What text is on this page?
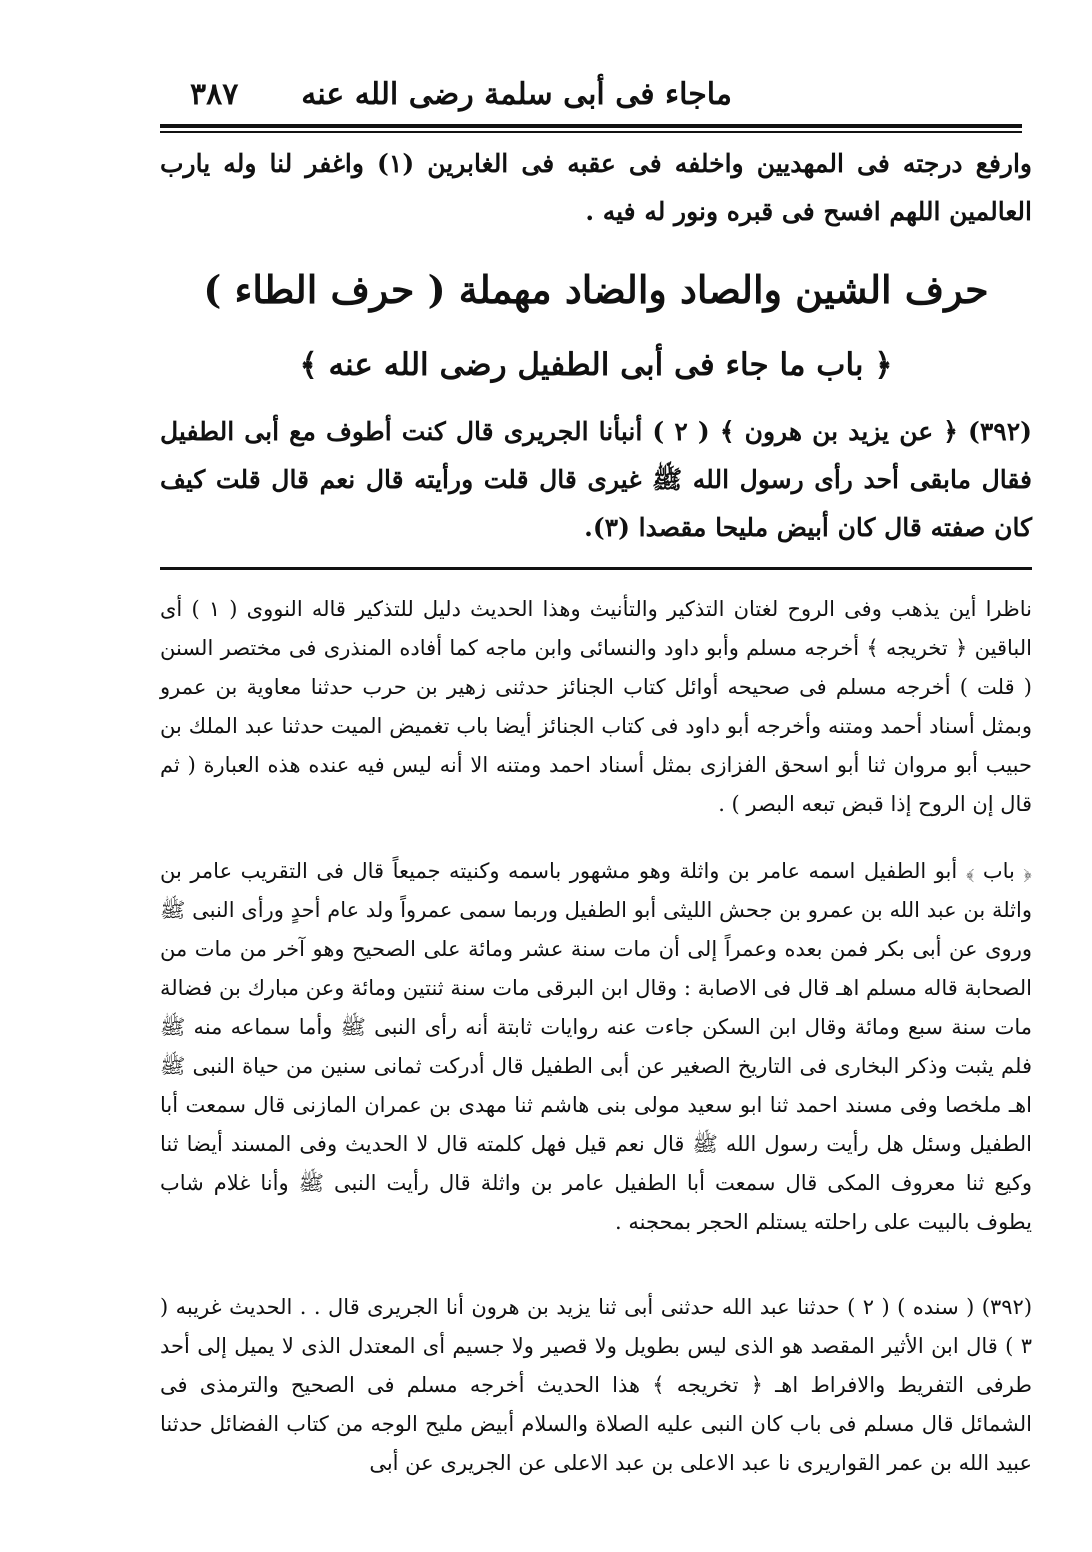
ماجاء فى أبى سلمة رضى الله عنه
٣٨٧

وارفع درجته فى المهديين واخلفه فى عقبه فى الغابرين (١) واغفر لنا وله يارب العالمين اللهم افسح فى قبره ونور له فيه .

حرف الشين والصاد والضاد مهملة ( حرف الطاء )
﴿ باب ما جاء فى أبى الطفيل رضى الله عنه ﴾

(٣٩٢) ﴿ عن يزيد بن هرون ﴾ ( ٢ ) أنبأنا الجريرى قال كنت أطوف مع أبى الطفيل فقال مابقى أحد رأى رسول الله ﷺ غيرى قال قلت ورأيته قال نعم قال قلت كيف كان صفته قال كان أبيض مليحا مقصدا (٣).

ناظرا أين يذهب وفى الروح لغتان التذكير والتأنيث وهذا الحديث دليل للتذكير قاله النووى ( ١ ) أى الباقين ﴿ تخريجه ﴾ أخرجه مسلم وأبو داود والنسائى وابن ماجه كما أفاده المنذرى فى مختصر السنن ( قلت ) أخرجه مسلم فى صحيحه أوائل كتاب الجنائز حدثنى زهير بن حرب حدثنا معاوية بن عمرو وبمثل أسناد أحمد ومتنه وأخرجه أبو داود فى كتاب الجنائز أيضا باب تغميض الميت حدثنا عبد الملك بن حبيب أبو مروان ثنا أبو اسحق الفزازى بمثل أسناد احمد ومتنه الا أنه ليس فيه عنده هذه العبارة ( ثم قال إن الروح إذا قبض تبعه البصر ) .

﴿ باب ﴾ أبو الطفيل اسمه عامر بن واثلة وهو مشهور باسمه وكنيته جميعاً قال فى التقريب عامر بن واثلة بن عبد الله بن عمرو بن جحش الليثى أبو الطفيل وربما سمى عمرواً ولد عام أحدٍ ورأى النبى ﷺ وروى عن أبى بكر فمن بعده وعمراً إلى أن مات سنة عشر ومائة على الصحيح وهو آخر من مات من الصحابة قاله مسلم اهـ قال فى الاصابة : وقال ابن البرقى مات سنة ثنتين ومائة وعن مبارك بن فضالة مات سنة سبع ومائة وقال ابن السكن جاءت عنه روايات ثابتة أنه رأى النبى ﷺ وأما سماعه منه ﷺ فلم يثبت وذكر البخارى فى التاريخ الصغير عن أبى الطفيل قال أدركت ثمانى سنين من حياة النبى ﷺ اهـ ملخصا وفى مسند احمد ثنا ابو سعيد مولى بنى هاشم ثنا مهدى بن عمران المازنى قال سمعت أبا الطفيل وسئل هل رأيت رسول الله ﷺ قال نعم قيل فهل كلمته قال لا الحديث وفى المسند أيضا ثنا وكيع ثنا معروف المكى قال سمعت أبا الطفيل عامر بن واثلة قال رأيت النبى ﷺ وأنا غلام شاب يطوف بالبيت على راحلته يستلم الحجر بمحجنه .

(٣٩٢) ( سنده ) ( ٢ ) حدثنا عبد الله حدثنى أبى ثنا يزيد بن هرون أنا الجريرى قال . . الحديث غريبه ( ٣ ) قال ابن الأثير المقصد هو الذى ليس بطويل ولا قصير ولا جسيم أى المعتدل الذى لا يميل إلى أحد طرفى التفريط والافراط اهـ ﴿ تخريجه ﴾ هذا الحديث أخرجه مسلم فى الصحيح والترمذى فى الشمائل قال مسلم فى باب كان النبى عليه الصلاة والسلام أبيض مليح الوجه من كتاب الفضائل حدثنا عبيد الله بن عمر القواريرى نا عبد الاعلى بن عبد الاعلى عن الجريرى عن أبى
